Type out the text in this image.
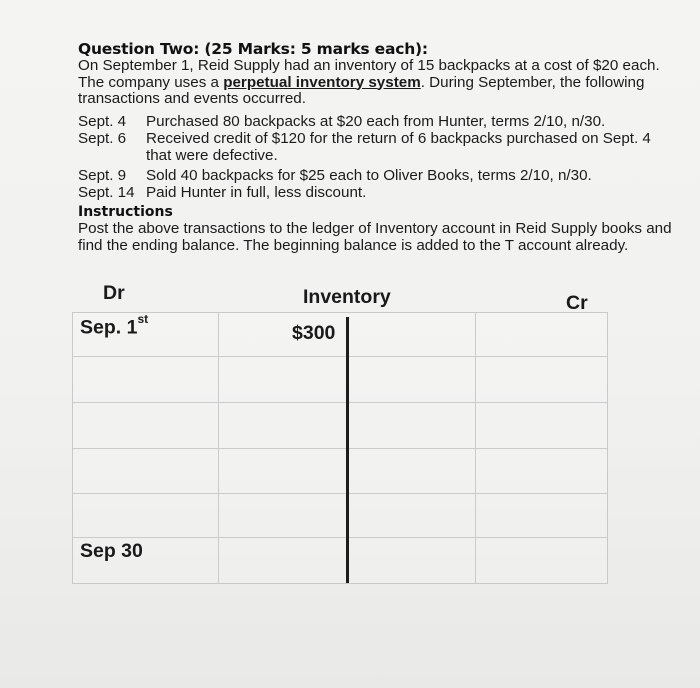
Question Two: (25 Marks: 5 marks each):
On September 1, Reid Supply had an inventory of 15 backpacks at a cost of $20 each. The company uses a perpetual inventory system. During September, the following transactions and events occurred.
Sept. 4 Purchased 80 backpacks at $20 each from Hunter, terms 2/10, n/30.
Sept. 6 Received credit of $120 for the return of 6 backpacks purchased on Sept. 4
that were defective.
Sept. 9 Sold 40 backpacks for $25 each to Oliver Books, terms 2/10, n/30.
Sept. 14 Paid Hunter in full, less discount.
Instructions
Post the above transactions to the ledger of Inventory account in Reid Supply books and find the ending balance. The beginning balance is added to the T account already.
Dr	Inventory	Cr
Sep. 1st
$300
Sep 30
